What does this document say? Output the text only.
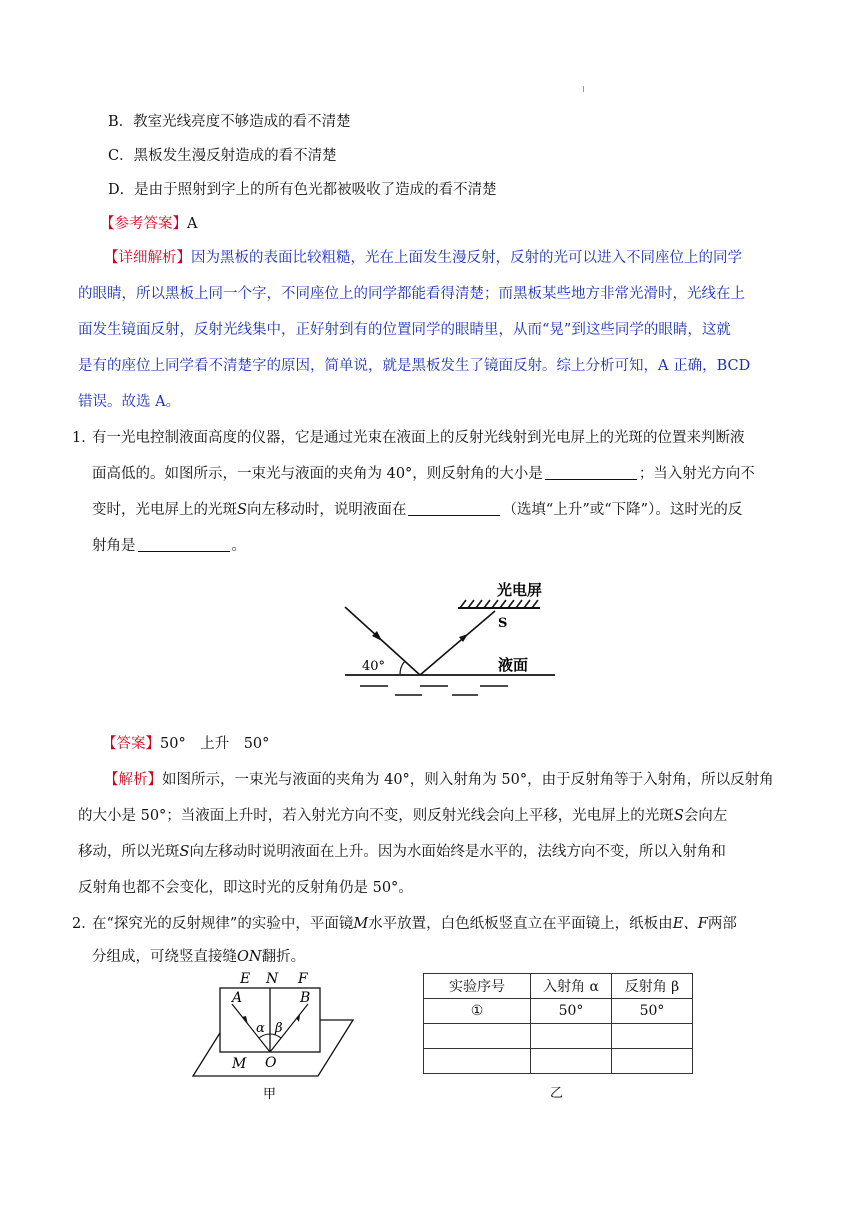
B．教室光线亮度不够造成的看不清楚
C．黑板发生漫反射造成的看不清楚
D．是由于照射到字上的所有色光都被吸收了造成的看不清楚
【参考答案】A
【详细解析】因为黑板的表面比较粗糙，光在上面发生漫反射，反射的光可以进入不同座位上的同学
的眼睛，所以黑板上同一个字，不同座位上的同学都能看得清楚；而黑板某些地方非常光滑时，光线在上
面发生镜面反射，反射光线集中，正好射到有的位置同学的眼睛里，从而“晃”到这些同学的眼睛，这就
是有的座位上同学看不清楚字的原因，简单说，就是黑板发生了镜面反射。综上分析可知，A 正确，BCD
错误。故选 A。
1．
有一光电控制液面高度的仪器，它是通过光束在液面上的反射光线射到光电屏上的光斑的位置来判断液
面高低的。如图所示，一束光与液面的夹角为 40°，则反射角的大小是	；当入射光方向不
变时，光电屏上的光斑S向左移动时，说明液面在	（选填“上升”或“下降”）。这时光的反
射角是	。
光电屏
S
40°	液面
【答案】50°　上升　50°
【解析】如图所示，一束光与液面的夹角为 40°，则入射角为 50°，由于反射角等于入射角，所以反射角
的大小是 50°；当液面上升时，若入射光方向不变，则反射光线会向上平移，光电屏上的光斑S会向左
移动，所以光斑S向左移动时说明液面在上升。因为水面始终是水平的，法线方向不变，所以入射角和
反射角也都不会变化，即这时光的反射角仍是 50°。
2．
在“探究光的反射规律”的实验中，平面镜M水平放置，白色纸板竖直立在平面镜上，纸板由E、F两部
分组成，可绕竖直接缝ON翻折。
E N F
A	B
α β
O
M
甲
实验序号	入射角 α	反射角 β
①	50°	50°

乙
